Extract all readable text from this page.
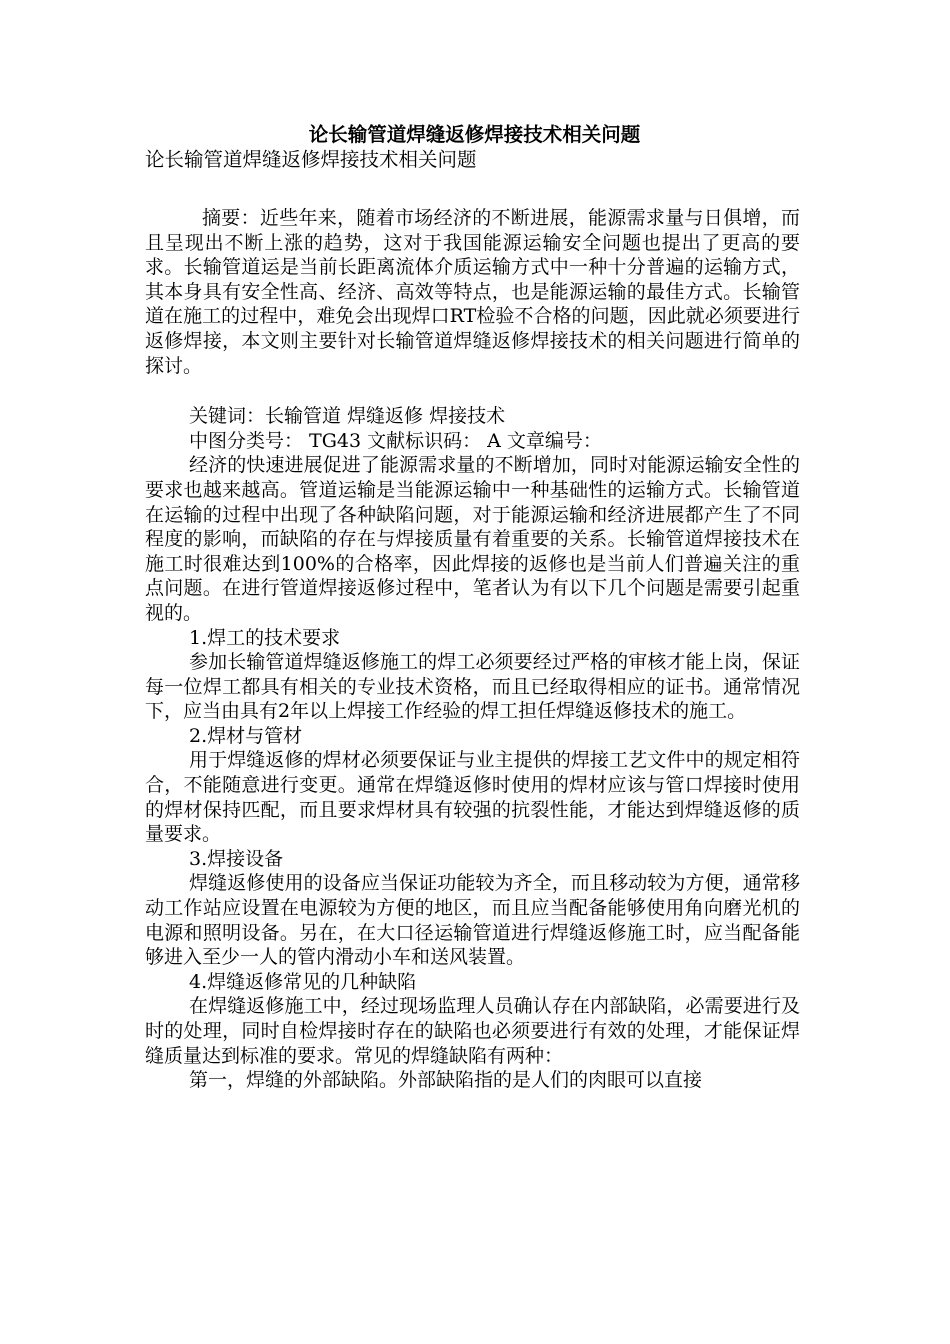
论长输管道焊缝返修焊接技术相关问题

论长输管道焊缝返修焊接技术相关问题

摘要：近些年来，随着市场经济的不断进展，能源需求量与日俱增，而且呈现出不断上涨的趋势，这对于我国能源运输安全问题也提出了更高的要求。长输管道运是当前长距离流体介质运输方式中一种十分普遍的运输方式，其本身具有安全性高、经济、高效等特点，也是能源运输的最佳方式。长输管道在施工的过程中，难免会出现焊口RT检验不合格的问题，因此就必须要进行返修焊接，本文则主要针对长输管道焊缝返修焊接技术的相关问题进行简单的探讨。

关键词：长输管道 焊缝返修 焊接技术

中图分类号： TG43 文献标识码： A 文章编号：

经济的快速进展促进了能源需求量的不断增加，同时对能源运输安全性的要求也越来越高。管道运输是当能源运输中一种基础性的运输方式。长输管道在运输的过程中出现了各种缺陷问题，对于能源运输和经济进展都产生了不同程度的影响，而缺陷的存在与焊接质量有着重要的关系。长输管道焊接技术在施工时很难达到100%的合格率，因此焊接的返修也是当前人们普遍关注的重点问题。在进行管道焊接返修过程中，笔者认为有以下几个问题是需要引起重视的。

1.焊工的技术要求

参加长输管道焊缝返修施工的焊工必须要经过严格的审核才能上岗，保证每一位焊工都具有相关的专业技术资格，而且已经取得相应的证书。通常情况下，应当由具有2年以上焊接工作经验的焊工担任焊缝返修技术的施工。

2.焊材与管材

用于焊缝返修的焊材必须要保证与业主提供的焊接工艺文件中的规定相符合，不能随意进行变更。通常在焊缝返修时使用的焊材应该与管口焊接时使用的焊材保持匹配，而且要求焊材具有较强的抗裂性能，才能达到焊缝返修的质量要求。

3.焊接设备

焊缝返修使用的设备应当保证功能较为齐全，而且移动较为方便，通常移动工作站应设置在电源较为方便的地区，而且应当配备能够使用角向磨光机的电源和照明设备。另在，在大口径运输管道进行焊缝返修施工时，应当配备能够进入至少一人的管内滑动小车和送风装置。

4.焊缝返修常见的几种缺陷

在焊缝返修施工中，经过现场监理人员确认存在内部缺陷，必需要进行及时的处理，同时自检焊接时存在的缺陷也必须要进行有效的处理，才能保证焊缝质量达到标准的要求。常见的焊缝缺陷有两种：

第一，焊缝的外部缺陷。外部缺陷指的是人们的肉眼可以直接
